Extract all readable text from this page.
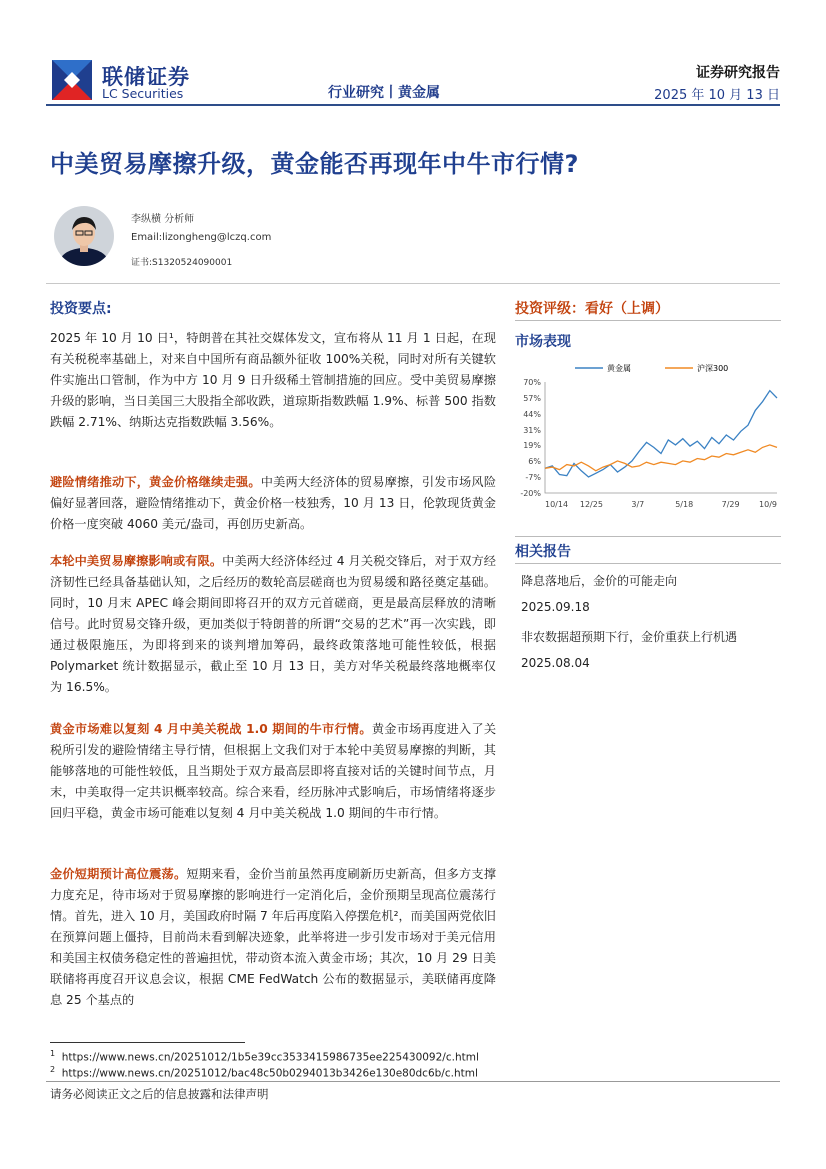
联储证券
LC Securities
证券研究报告
行业研究丨黄金属	2025 年 10 月 13 日
中美贸易摩擦升级，黄金能否再现年中牛市行情?
李纵横 分析师
Email:lizongheng@lczq.com
证书:S1320524090001
投资要点:
2025 年 10 月 10 日¹，特朗普在其社交媒体发文，宣布将从 11 月 1 日起，在现有关税税率基础上，对来自中国所有商品额外征收 100%关税，同时对所有关键软件实施出口管制，作为中方 10 月 9 日升级稀土管制措施的回应。受中美贸易摩擦升级的影响，当日美国三大股指全部收跌，道琼斯指数跌幅 1.9%、标普 500 指数跌幅 2.71%、纳斯达克指数跌幅 3.56%。
避险情绪推动下，黄金价格继续走强。中美两大经济体的贸易摩擦，引发市场风险偏好显著回落，避险情绪推动下，黄金价格一枝独秀，10 月 13 日，伦敦现货黄金价格一度突破 4060 美元/盎司，再创历史新高。
本轮中美贸易摩擦影响或有限。中美两大经济体经过 4 月关税交锋后，对于双方经济韧性已经具备基础认知，之后经历的数轮高层磋商也为贸易缓和路径奠定基础。同时，10 月末 APEC 峰会期间即将召开的双方元首磋商，更是最高层释放的清晰信号。此时贸易交锋升级，更加类似于特朗普的所谓“交易的艺术”再一次实践，即通过极限施压，为即将到来的谈判增加筹码，最终政策落地可能性较低，根据 Polymarket 统计数据显示，截止至 10 月 13 日，美方对华关税最终落地概率仅为 16.5%。
黄金市场难以复刻 4 月中美关税战 1.0 期间的牛市行情。黄金市场再度进入了关税所引发的避险情绪主导行情，但根据上文我们对于本轮中美贸易摩擦的判断，其能够落地的可能性较低，且当期处于双方最高层即将直接对话的关键时间节点，月末，中美取得一定共识概率较高。综合来看，经历脉冲式影响后，市场情绪将逐步回归平稳，黄金市场可能难以复刻 4 月中美关税战 1.0 期间的牛市行情。
金价短期预计高位震荡。短期来看，金价当前虽然再度刷新历史新高，但多方支撑力度充足，待市场对于贸易摩擦的影响进行一定消化后，金价预期呈现高位震荡行情。首先，进入 10 月，美国政府时隔 7 年后再度陷入停摆危机²，而美国两党依旧在预算问题上僵持，目前尚未看到解决迹象，此举将进一步引发市场对于美元信用和美国主权债务稳定性的普遍担忧，带动资本流入黄金市场；其次，10 月 29 日美联储将再度召开议息会议，根据 CME FedWatch 公布的数据显示，美联储再度降息 25 个基点的
投资评级：看好（上调）
市场表现
黄金属	沪深300
70%
57%
44%
31%
19%
6%
-7%
-20%
10/14 12/25	3/7	5/18	7/29 10/9
相关报告
降息落地后，金价的可能走向
2025.09.18
非农数据超预期下行，金价重获上行机遇
2025.08.04
$^1$ https://www.news.cn/20251012/1b5e39cc3533415986735ee225430092/c.html
$^2$ https://www.news.cn/20251012/bac48c50b0294013b3426e130e80dc6b/c.html
请务必阅读正文之后的信息披露和法律声明
